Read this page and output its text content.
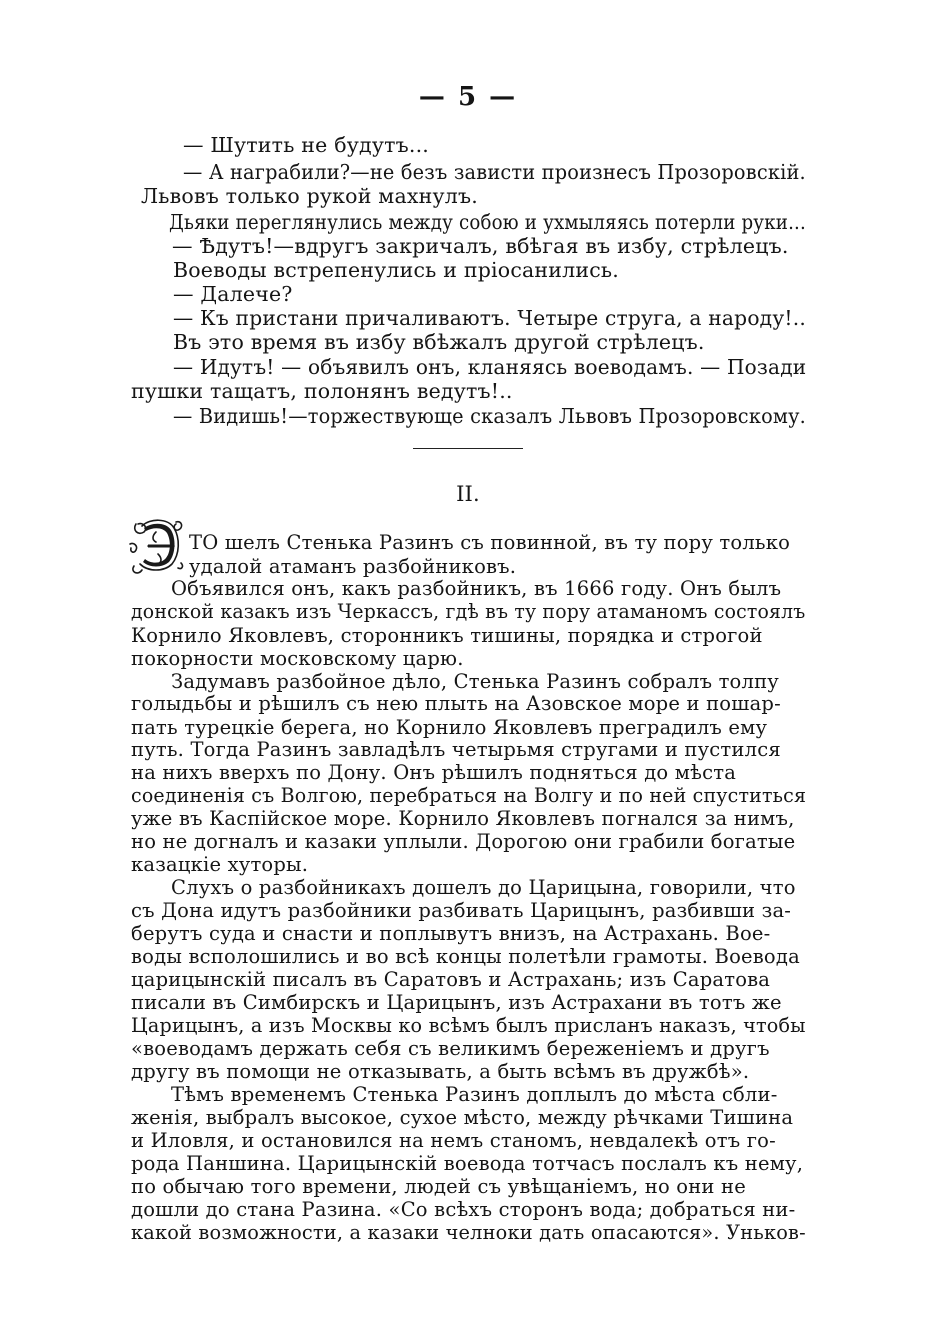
— 5 —
— Шутить не будутъ...
— А награбили?—не безъ зависти произнесъ Прозоровскiй.
Львовъ только рукой махнулъ.
Дьяки переглянулись между собою и ухмыляясь потерли руки...
— Ѣдутъ!—вдругъ закричалъ, вбѣгая въ избу, стрѣлецъ.
Воеводы встрепенулись и прiосанились.
— Далече?
— Къ пристани причаливаютъ. Четыре струга, а народу!..
Въ это время въ избу вбѣжалъ другой стрѣлецъ.
— Идутъ! — объявилъ онъ, кланяясь воеводамъ. — Позади
пушки тащатъ, полонянъ ведутъ!..
— Видишь!—торжествующе сказалъ Львовъ Прозоровскому.
II.
ТО шелъ Стенька Разинъ съ повинной, въ ту пору только
удалой атаманъ разбойниковъ.
Объявился онъ, какъ разбойникъ, въ 1666 году. Онъ былъ
донской казакъ изъ Черкассъ, гдѣ въ ту пору атаманомъ состоялъ
Корнило Яковлевъ, сторонникъ тишины, порядка и строгой
покорности московскому царю.
Задумавъ разбойное дѣло, Стенька Разинъ собралъ толпу
голыдьбы и рѣшилъ съ нею плыть на Азовское море и пошар-
пать турецкiе берега, но Корнило Яковлевъ преградилъ ему
путь. Тогда Разинъ завладѣлъ четырьмя стругами и пустился
на нихъ вверхъ по Дону. Онъ рѣшилъ подняться до мѣста
соединенiя съ Волгою, перебраться на Волгу и по ней спуститься
уже въ Каспiйское море. Корнило Яковлевъ погнался за нимъ,
но не догналъ и казаки уплыли. Дорогою они грабили богатые
казацкiе хуторы.
Слухъ о разбойникахъ дошелъ до Царицына, говорили, что
съ Дона идутъ разбойники разбивать Царицынъ, разбивши за-
берутъ суда и снасти и поплывутъ внизъ, на Астрахань. Вое-
воды всполошились и во всѣ концы полетѣли грамоты. Воевода
царицынскiй писалъ въ Саратовъ и Астрахань; изъ Саратова
писали въ Симбирскъ и Царицынъ, изъ Астрахани въ тотъ же
Царицынъ, а изъ Москвы ко всѣмъ былъ присланъ наказъ, чтобы
«воеводамъ держать себя съ великимъ береженiемъ и другъ
другу въ помощи не отказывать, а быть всѣмъ въ дружбѣ».
Тѣмъ временемъ Стенька Разинъ доплылъ до мѣста сбли-
женiя, выбралъ высокое, сухое мѣсто, между рѣчками Тишина
и Иловля, и остановился на немъ станомъ, невдалекѣ отъ го-
рода Паншина. Царицынскiй воевода тотчасъ послалъ къ нему,
по обычаю того времени, людей съ увѣщанiемъ, но они не
дошли до стана Разина. «Со всѣхъ сторонъ вода; добраться ни-
какой возможности, а казаки челноки дать опасаются». Уньков-
